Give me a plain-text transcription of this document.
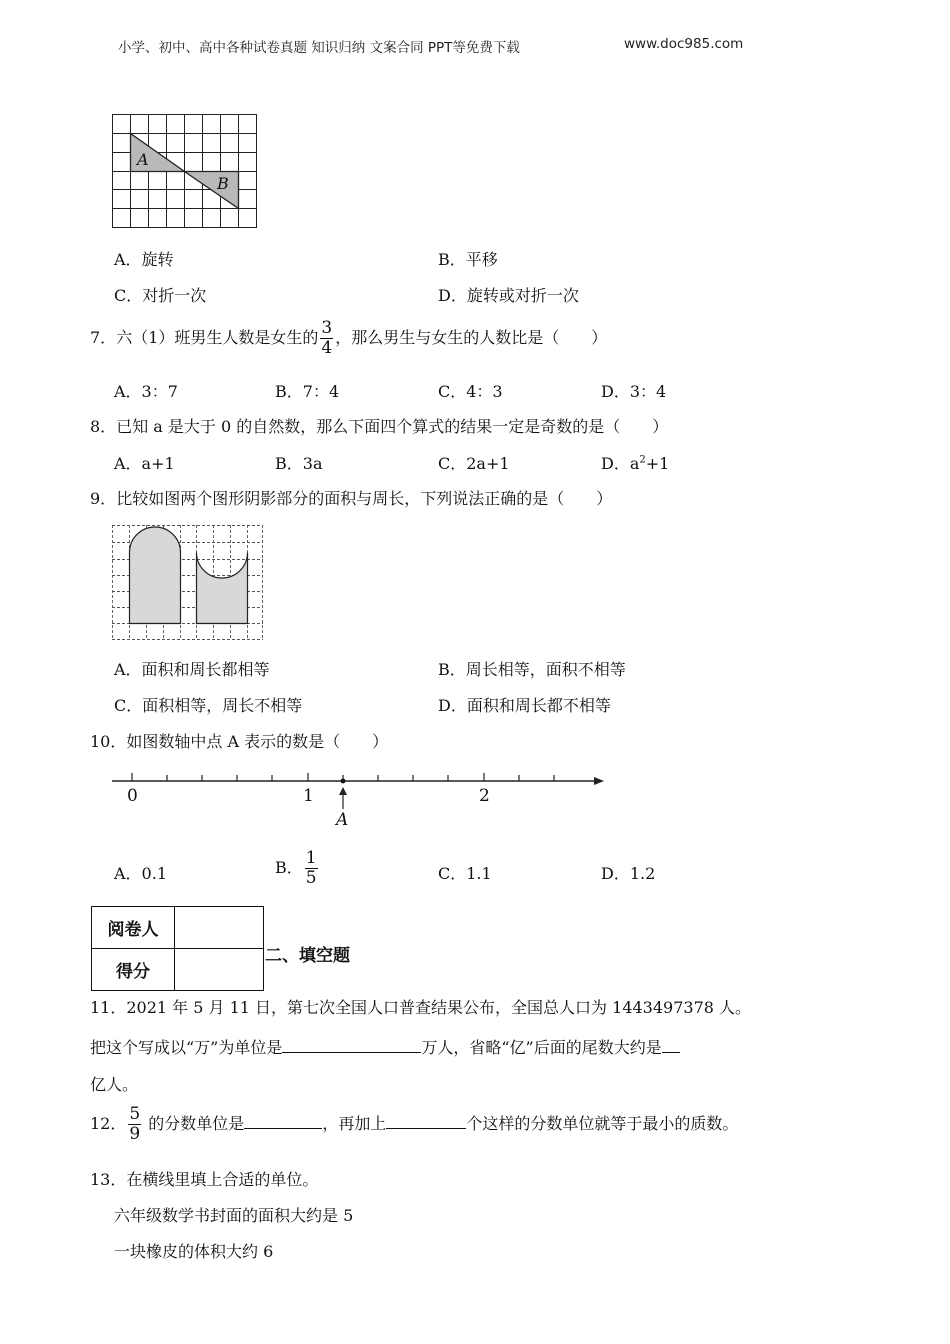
小学、初中、高中各种试卷真题 知识归纳 文案合同 PPT等免费下载	www.doc985.com
A
B
A．旋转	B．平移
C．对折一次	D．旋转或对折一次
7．六（1）班男生人数是女生的 $\frac{3}{4}$ ，那么男生与女生的人数比是（　　）
A．3：7	B．7：4	C．4：3	D．3：4
8．已知 a 是大于 0 的自然数，那么下面四个算式的结果一定是奇数的是（　　）
A．a+1	B．3a	C．2a+1	D．$a^2+1$
9．比较如图两个图形阴影部分的面积与周长，下列说法正确的是（　　）
A．面积和周长都相等	B．周长相等，面积不相等
C．面积相等，周长不相等	D．面积和周长都不相等
10．如图数轴中点 A 表示的数是（　　）
0	1	2
A
A．0.1	B． $\frac{1}{5}$	C．1.1	D．1.2
阅卷人	
得分	
二、填空题
11．2021 年 5 月 11 日，第七次全国人口普查结果公布，全国总人口为 1443497378 人。
把这个写成以“万”为单位是	万人，省略“亿”后面的尾数大约是
亿人。
12． $\frac{5}{9}$ 的分数单位是	，再加上	个这样的分数单位就等于最小的质数。
13．在横线里填上合适的单位。
六年级数学书封面的面积大约是 5
一块橡皮的体积大约 6
